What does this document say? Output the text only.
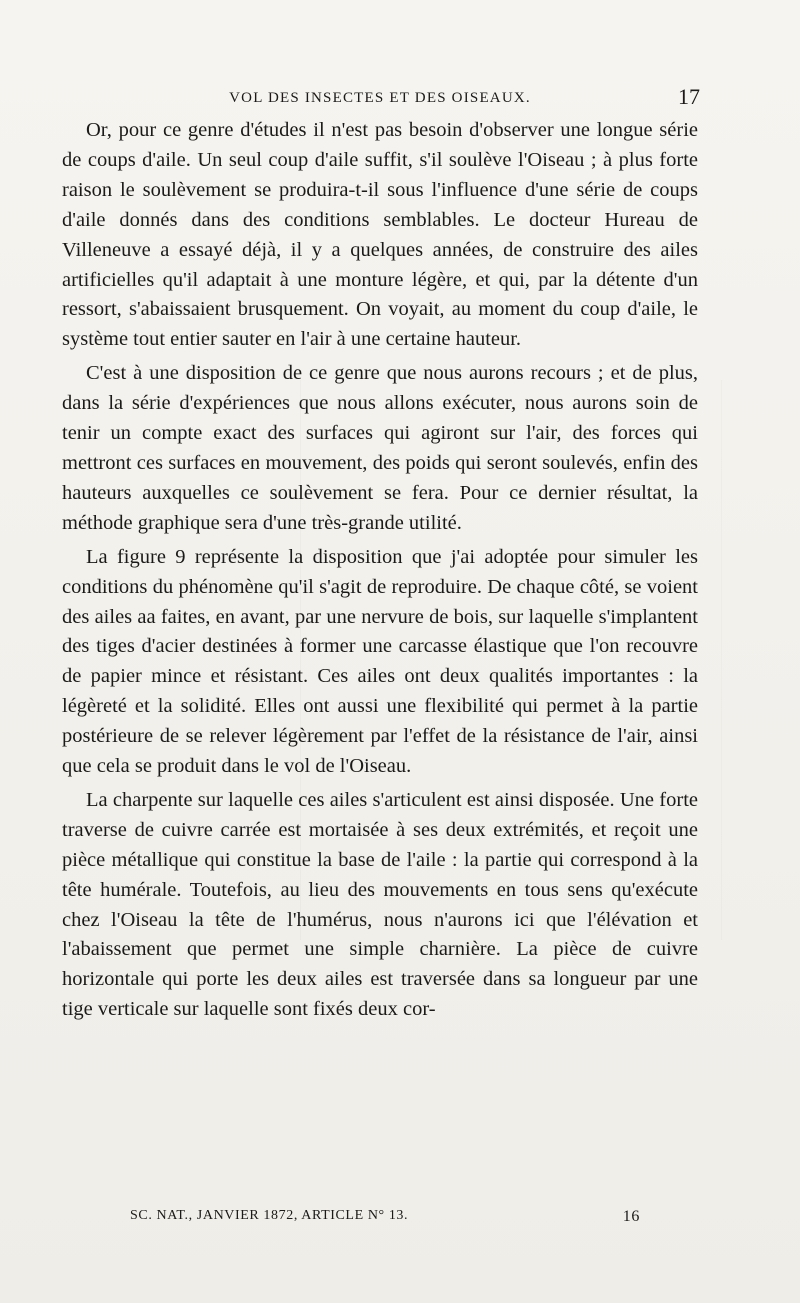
VOL DES INSECTES ET DES OISEAUX.	17

Or, pour ce genre d'études il n'est pas besoin d'observer une longue série de coups d'aile. Un seul coup d'aile suffit, s'il soulève l'Oiseau ; à plus forte raison le soulèvement se produira-t-il sous l'influence d'une série de coups d'aile donnés dans des conditions semblables. Le docteur Hureau de Villeneuve a essayé déjà, il y a quelques années, de construire des ailes artificielles qu'il adaptait à une monture légère, et qui, par la détente d'un ressort, s'abaissaient brusquement. On voyait, au moment du coup d'aile, le système tout entier sauter en l'air à une certaine hauteur.

C'est à une disposition de ce genre que nous aurons recours ; et de plus, dans la série d'expériences que nous allons exécuter, nous aurons soin de tenir un compte exact des surfaces qui agiront sur l'air, des forces qui mettront ces surfaces en mouvement, des poids qui seront soulevés, enfin des hauteurs auxquelles ce soulèvement se fera. Pour ce dernier résultat, la méthode graphique sera d'une très-grande utilité.

La figure 9 représente la disposition que j'ai adoptée pour simuler les conditions du phénomène qu'il s'agit de reproduire. De chaque côté, se voient des ailes aa faites, en avant, par une nervure de bois, sur laquelle s'implantent des tiges d'acier destinées à former une carcasse élastique que l'on recouvre de papier mince et résistant. Ces ailes ont deux qualités importantes : la légèreté et la solidité. Elles ont aussi une flexibilité qui permet à la partie postérieure de se relever légèrement par l'effet de la résistance de l'air, ainsi que cela se produit dans le vol de l'Oiseau.

La charpente sur laquelle ces ailes s'articulent est ainsi disposée. Une forte traverse de cuivre carrée est mortaisée à ses deux extrémités, et reçoit une pièce métallique qui constitue la base de l'aile : la partie qui correspond à la tête humérale. Toutefois, au lieu des mouvements en tous sens qu'exécute chez l'Oiseau la tête de l'humérus, nous n'aurons ici que l'élévation et l'abaissement que permet une simple charnière. La pièce de cuivre horizontale qui porte les deux ailes est traversée dans sa longueur par une tige verticale sur laquelle sont fixés deux cor-

SC. NAT., JANVIER 1872, ARTICLE N° 13.	16
